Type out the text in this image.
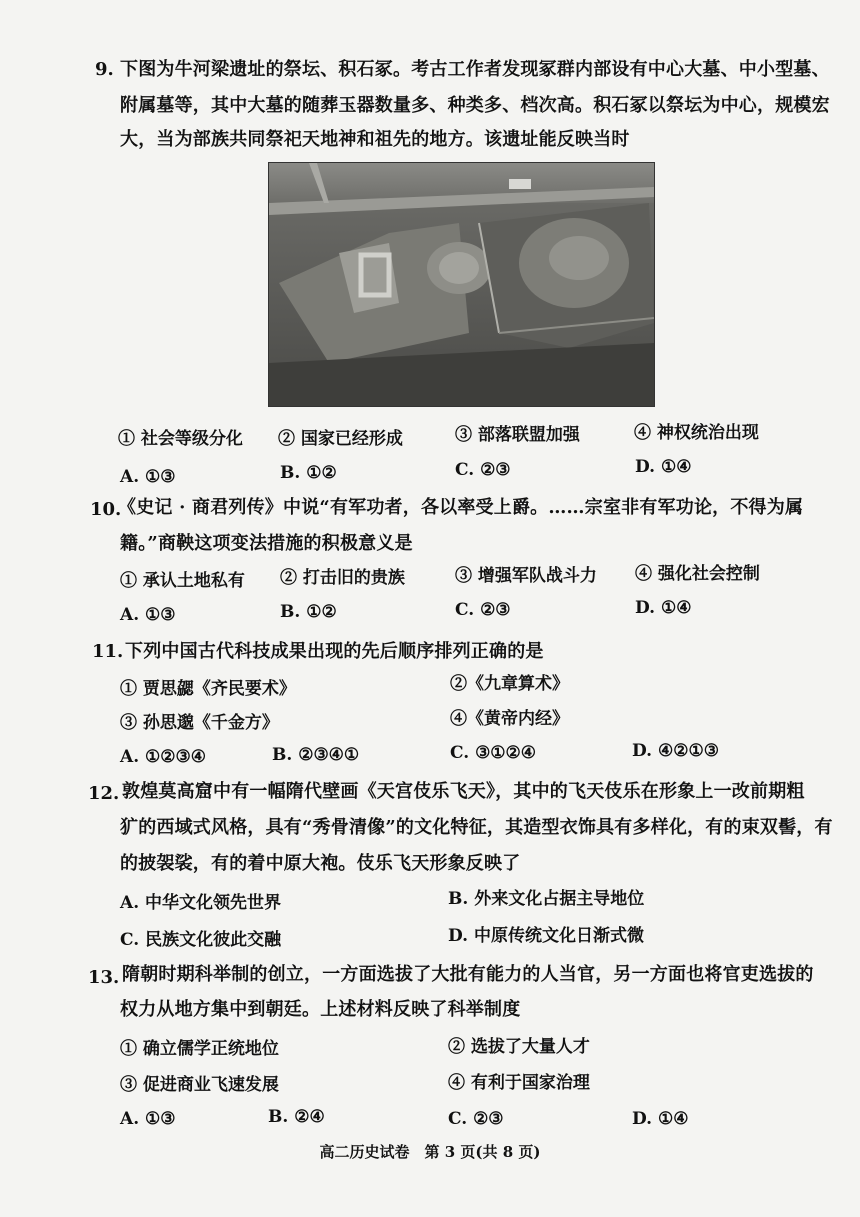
9. 下图为牛河梁遗址的祭坛、积石冢。考古工作者发现冢群内部设有中心大墓、中小型墓、
附属墓等，其中大墓的随葬玉器数量多、种类多、档次高。积石冢以祭坛为中心，规模宏
大，当为部族共同祭祀天地神和祖先的地方。该遗址能反映当时
① 社会等级分化 ② 国家已经形成	③ 部落联盟加强	④ 神权统治出现
A. ①③	B. ①②	C. ②③	D. ①④
10.
《史记 · 商君列传》中说“有军功者，各以率受上爵。……宗室非有军功论，不得为属
籍。”商鞅这项变法措施的积极意义是
① 承认土地私有 ② 打击旧的贵族	③ 增强军队战斗力 ④ 强化社会控制
A. ①③	B. ①②	C. ②③	D. ①④
11. 下列中国古代科技成果出现的先后顺序排列正确的是
① 贾思勰《齐民要术》	②《九章算术》
③ 孙思邈《千金方》	④《黄帝内经》
A. ①②③④	B. ②③④①	C. ③①②④	D. ④②①③
12. 敦煌莫高窟中有一幅隋代壁画《天宫伎乐飞天》，其中的飞天伎乐在形象上一改前期粗
犷的西域式风格，具有“秀骨清像”的文化特征，其造型衣饰具有多样化，有的束双髻，有
的披袈裟，有的着中原大袍。伎乐飞天形象反映了
A. 中华文化领先世界	B. 外来文化占据主导地位
C. 民族文化彼此交融	D. 中原传统文化日渐式微
13. 隋朝时期科举制的创立，一方面选拔了大批有能力的人当官，另一方面也将官吏选拔的
权力从地方集中到朝廷。上述材料反映了科举制度
① 确立儒学正统地位	② 选拔了大量人才
③ 促进商业飞速发展	④ 有利于国家治理
A. ①③	B. ②④	C. ②③	D. ①④
高二历史试卷　第 3 页(共 8 页)
